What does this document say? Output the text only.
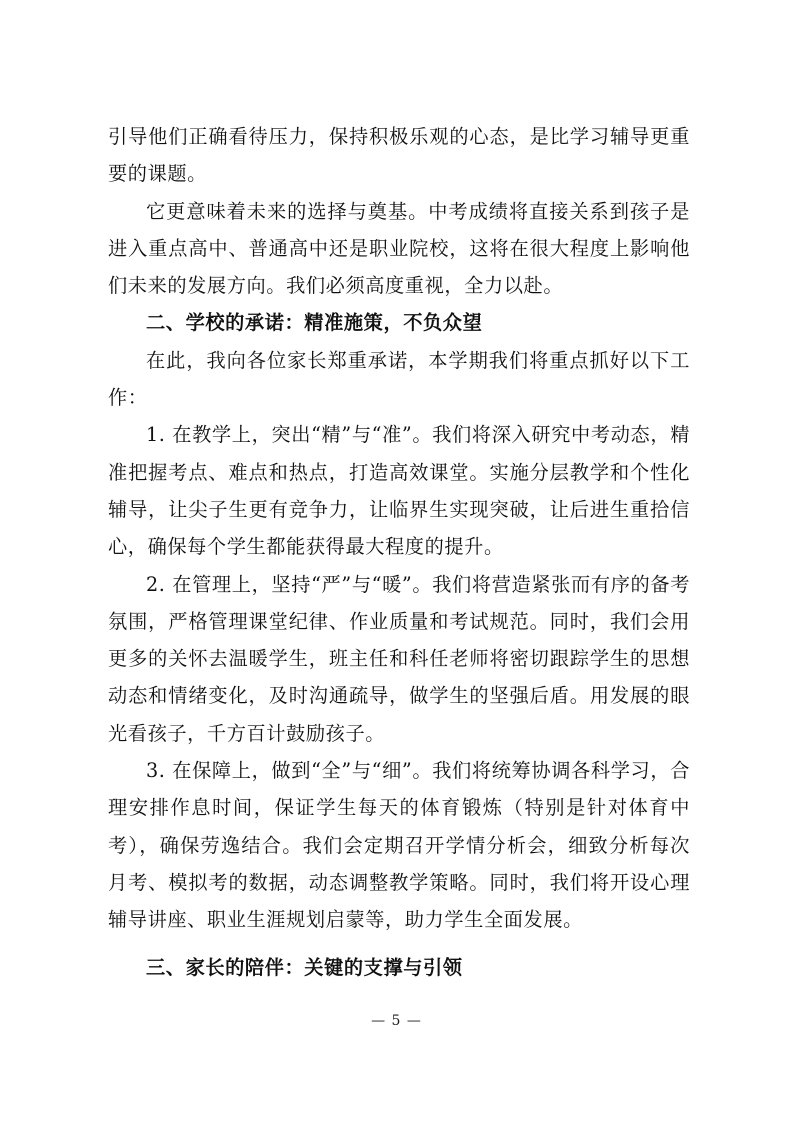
引导他们正确看待压力，保持积极乐观的心态，是比学习辅导更重要的课题。

它更意味着未来的选择与奠基。中考成绩将直接关系到孩子是进入重点高中、普通高中还是职业院校，这将在很大程度上影响他们未来的发展方向。我们必须高度重视，全力以赴。

二、学校的承诺：精准施策，不负众望

在此，我向各位家长郑重承诺，本学期我们将重点抓好以下工作：

1. 在教学上，突出“精”与“准”。我们将深入研究中考动态，精准把握考点、难点和热点，打造高效课堂。实施分层教学和个性化辅导，让尖子生更有竞争力，让临界生实现突破，让后进生重拾信心，确保每个学生都能获得最大程度的提升。

2. 在管理上，坚持“严”与“暖”。我们将营造紧张而有序的备考氛围，严格管理课堂纪律、作业质量和考试规范。同时，我们会用更多的关怀去温暖学生，班主任和科任老师将密切跟踪学生的思想动态和情绪变化，及时沟通疏导，做学生的坚强后盾。用发展的眼光看孩子，千方百计鼓励孩子。

3. 在保障上，做到“全”与“细”。我们将统筹协调各科学习，合理安排作息时间，保证学生每天的体育锻炼（特别是针对体育中考），确保劳逸结合。我们会定期召开学情分析会，细致分析每次月考、模拟考的数据，动态调整教学策略。同时，我们将开设心理辅导讲座、职业生涯规划启蒙等，助力学生全面发展。

三、家长的陪伴：关键的支撑与引领

— 5 —
